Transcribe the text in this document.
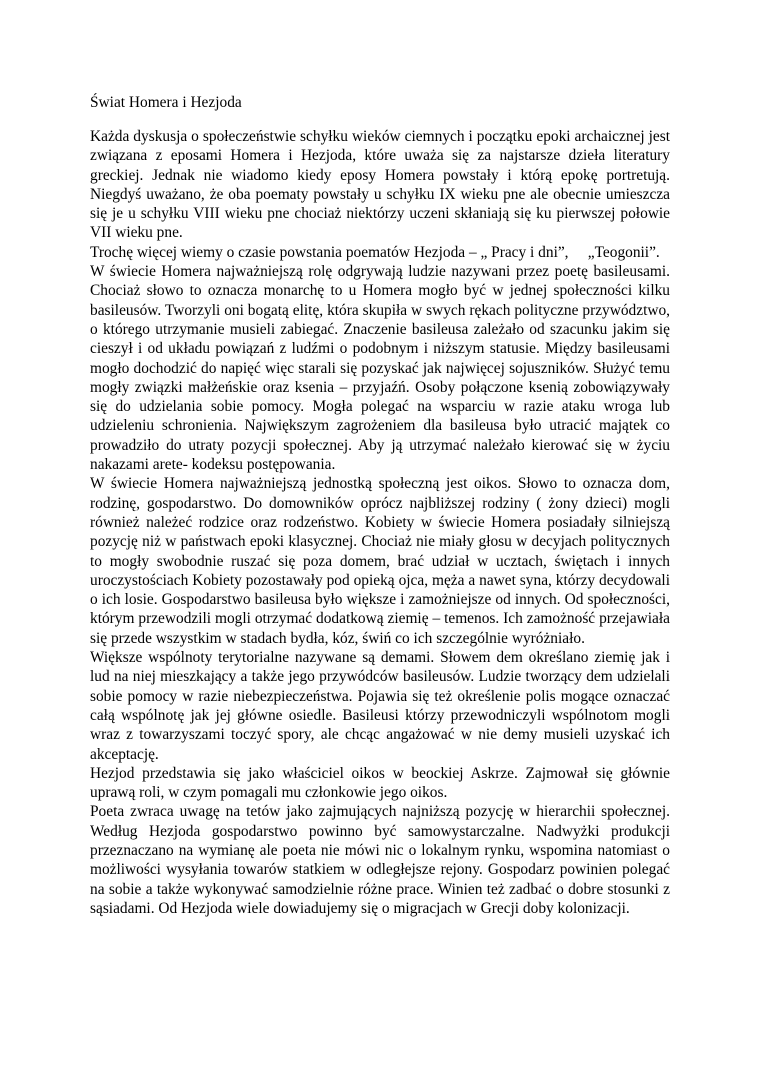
Świat Homera i Hezjoda

Każda dyskusja o społeczeństwie schyłku wieków ciemnych i początku epoki archaicznej jest związana z eposami Homera i Hezjoda, które uważa się za najstarsze dzieła literatury greckiej. Jednak nie wiadomo kiedy eposy Homera powstały i którą epokę portretują. Niegdyś uważano, że oba poematy powstały u schyłku IX wieku pne ale obecnie umieszcza się je u schyłku VIII wieku pne chociaż niektórzy uczeni skłaniają się ku pierwszej połowie VII wieku pne.

Trochę więcej wiemy o czasie powstania poematów Hezjoda – „ Pracy i dni”,     „Teogonii”.

W świecie Homera najważniejszą rolę odgrywają ludzie nazywani przez poetę basileusami. Chociaż słowo to oznacza monarchę to u Homera mogło być w jednej społeczności kilku basileusów. Tworzyli oni bogatą elitę, która skupiła w swych rękach polityczne przywództwo, o którego utrzymanie musieli zabiegać. Znaczenie basileusa zależało od szacunku jakim się cieszył i od układu powiązań z ludźmi o podobnym i niższym statusie. Między basileusami mogło dochodzić do napięć więc starali się pozyskać jak najwięcej sojuszników. Służyć temu mogły związki małżeńskie oraz ksenia – przyjaźń. Osoby połączone ksenią zobowiązywały się do udzielania sobie pomocy. Mogła polegać na wsparciu w razie ataku wroga lub udzieleniu schronienia. Największym zagrożeniem dla basileusa było utracić majątek co prowadziło do utraty pozycji społecznej. Aby ją utrzymać należało kierować się w życiu nakazami arete- kodeksu postępowania.

W świecie Homera najważniejszą jednostką społeczną jest oikos. Słowo to oznacza dom, rodzinę, gospodarstwo. Do domowników oprócz najbliższej rodziny ( żony dzieci) mogli również należeć rodzice oraz rodzeństwo. Kobiety w świecie Homera posiadały silniejszą pozycję niż w państwach epoki klasycznej. Chociaż nie miały głosu w decyjach politycznych to mogły swobodnie ruszać się poza domem, brać udział w ucztach, świętach i innych uroczystościach Kobiety pozostawały pod opieką ojca, męża a nawet syna, którzy decydowali o ich losie. Gospodarstwo basileusa było większe i zamożniejsze od innych. Od społeczności, którym przewodzili mogli otrzymać dodatkową ziemię – temenos. Ich zamożność przejawiała się przede wszystkim w stadach bydła, kóz, świń co ich szczególnie wyróżniało.

Większe wspólnoty terytorialne nazywane są demami. Słowem dem określano ziemię jak i lud na niej mieszkający a także jego przywódców basileusów. Ludzie tworzący dem udzielali sobie pomocy w razie niebezpieczeństwa. Pojawia się też określenie polis mogące oznaczać całą wspólnotę jak jej główne osiedle. Basileusi którzy przewodniczyli wspólnotom mogli wraz z towarzyszami toczyć spory, ale chcąc angażować w nie demy musieli uzyskać ich akceptację.

Hezjod przedstawia się jako właściciel oikos w beockiej Askrze. Zajmował się głównie uprawą roli, w czym pomagali mu członkowie jego oikos.

Poeta zwraca uwagę na tetów jako zajmujących najniższą pozycję w hierarchii społecznej. Według Hezjoda gospodarstwo powinno być samowystarczalne. Nadwyżki produkcji przeznaczano na wymianę ale poeta nie mówi nic o lokalnym rynku, wspomina natomiast o możliwości wysyłania towarów statkiem w odległejsze rejony. Gospodarz powinien polegać na sobie a także wykonywać samodzielnie różne prace. Winien też zadbać o dobre stosunki z sąsiadami. Od Hezjoda wiele dowiadujemy się o migracjach w Grecji doby kolonizacji.
